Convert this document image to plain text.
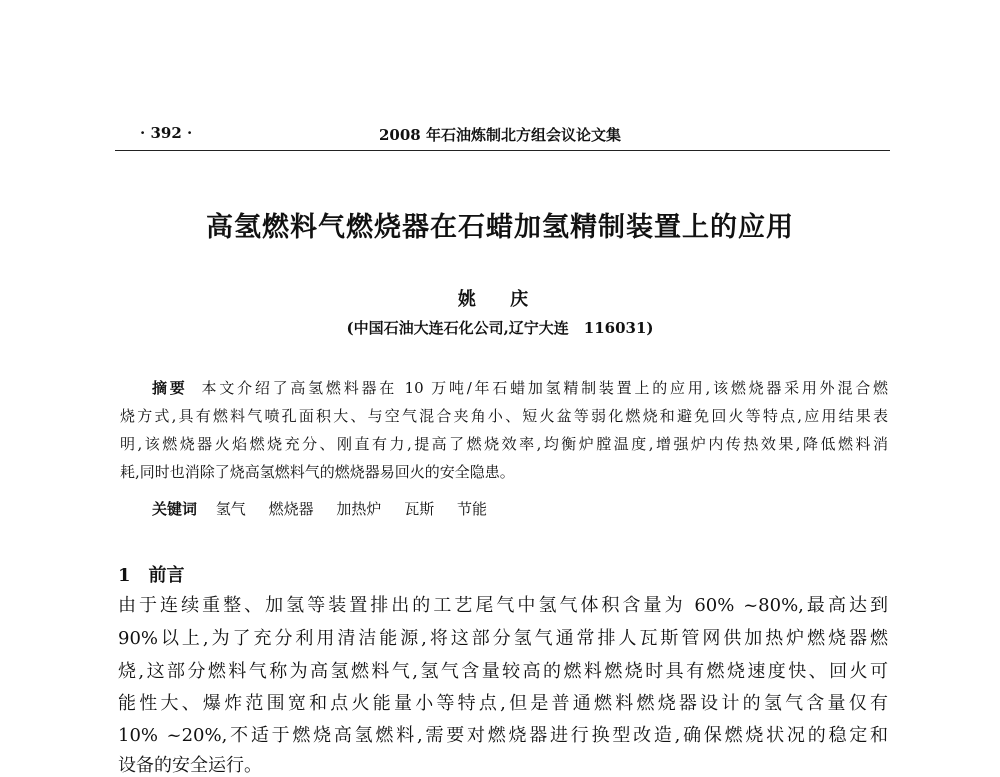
· 392 ·	2008 年石油炼制北方组会议论文集
高氢燃料气燃烧器在石蜡加氢精制装置上的应用
姚 庆
(中国石油大连石化公司,辽宁大连　116031)
摘要 本文介绍了高氢燃料器在 10 万吨/年石蜡加氢精制装置上的应用,该燃烧器采用外混合燃
烧方式,具有燃料气喷孔面积大、与空气混合夹角小、短火盆等弱化燃烧和避免回火等特点,应用结果表
明,该燃烧器火焰燃烧充分、刚直有力,提高了燃烧效率,均衡炉膛温度,增强炉内传热效果,降低燃料消
耗,同时也消除了烧高氢燃料气的燃烧器易回火的安全隐患。
关键词 氢气 燃烧器 加热炉 瓦斯 节能
1 前言
由于连续重整、加氢等装置排出的工艺尾气中氢气体积含量为 60% ~80%,最高达到
90%以上,为了充分利用清洁能源,将这部分氢气通常排人瓦斯管网供加热炉燃烧器燃
烧,这部分燃料气称为高氢燃料气,氢气含量较高的燃料燃烧时具有燃烧速度快、回火可
能性大、爆炸范围宽和点火能量小等特点,但是普通燃料燃烧器设计的氢气含量仅有
10% ~20%,不适于燃烧高氢燃料,需要对燃烧器进行换型改造,确保燃烧状况的稳定和
设备的安全运行。
